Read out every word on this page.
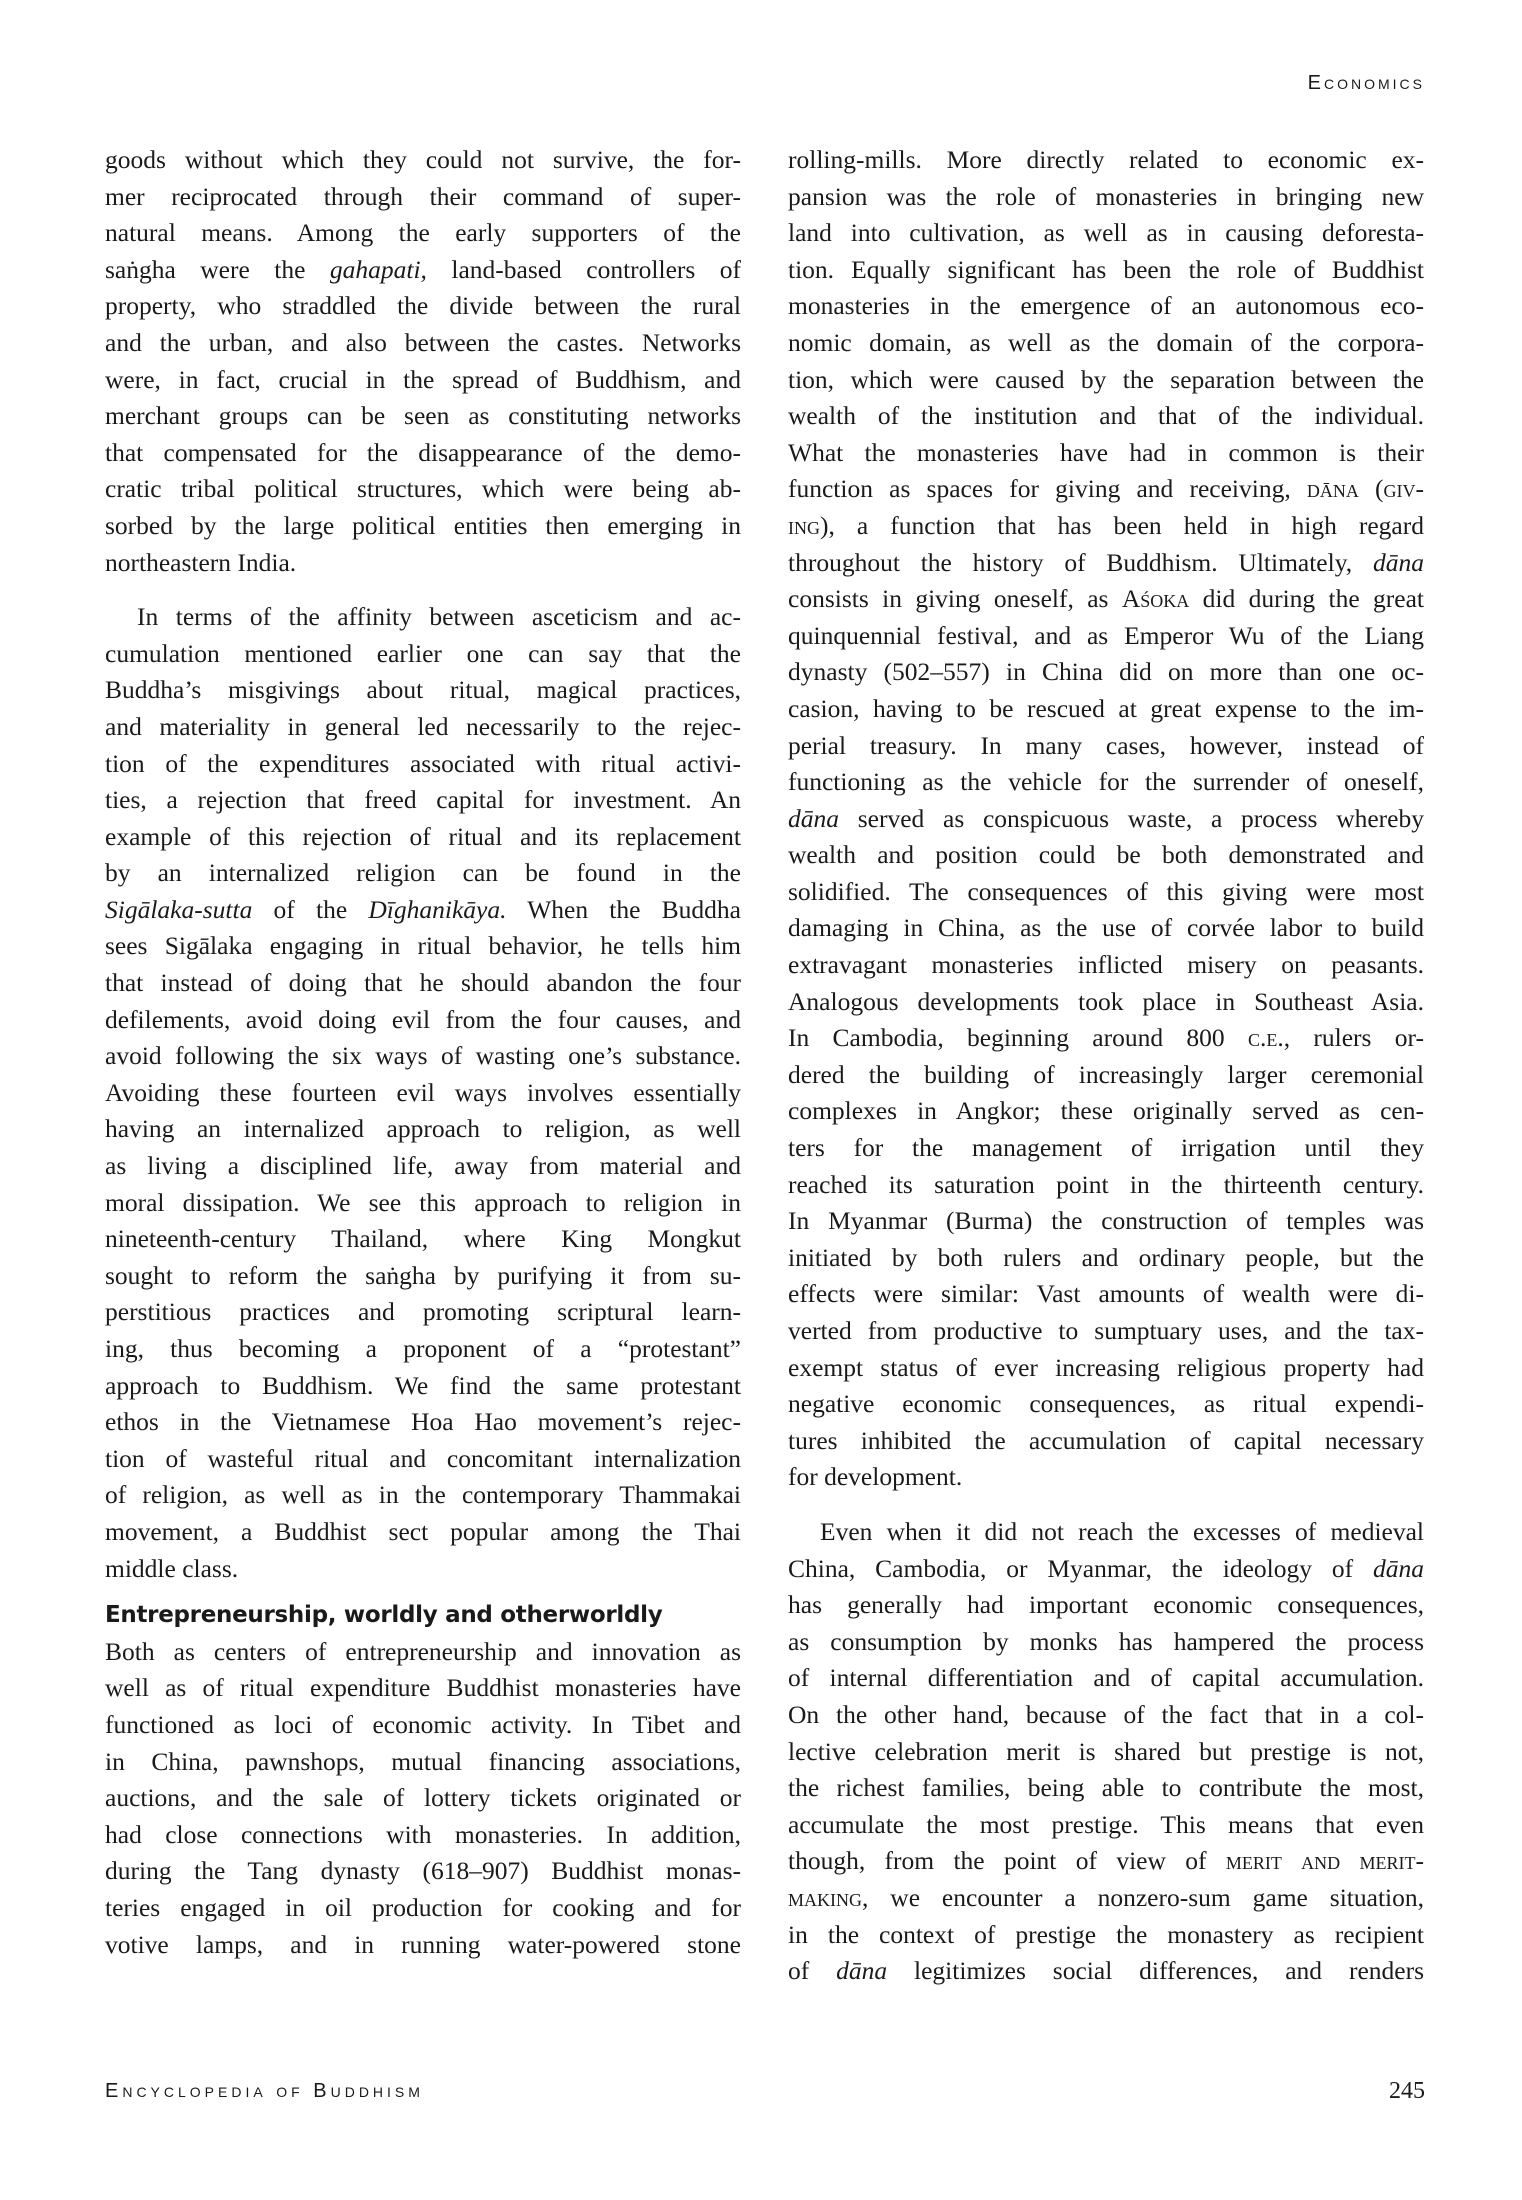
Economics
goods without which they could not survive, the for-
mer reciprocated through their command of super-
natural means. Among the early supporters of the
saṅgha were the gahapati, land-based controllers of
property, who straddled the divide between the rural
and the urban, and also between the castes. Networks
were, in fact, crucial in the spread of Buddhism, and
merchant groups can be seen as constituting networks
that compensated for the disappearance of the demo-
cratic tribal political structures, which were being ab-
sorbed by the large political entities then emerging in
northeastern India.
In terms of the affinity between asceticism and ac-
cumulation mentioned earlier one can say that the
Buddha’s misgivings about ritual, magical practices,
and materiality in general led necessarily to the rejec-
tion of the expenditures associated with ritual activi-
ties, a rejection that freed capital for investment. An
example of this rejection of ritual and its replacement
by an internalized religion can be found in the
Sigālaka-sutta of the Dīghanikāya. When the Buddha
sees Sigālaka engaging in ritual behavior, he tells him
that instead of doing that he should abandon the four
defilements, avoid doing evil from the four causes, and
avoid following the six ways of wasting one’s substance.
Avoiding these fourteen evil ways involves essentially
having an internalized approach to religion, as well
as living a disciplined life, away from material and
moral dissipation. We see this approach to religion in
nineteenth-century Thailand, where King Mongkut
sought to reform the saṅgha by purifying it from su-
perstitious practices and promoting scriptural learn-
ing, thus becoming a proponent of a “protestant”
approach to Buddhism. We find the same protestant
ethos in the Vietnamese Hoa Hao movement’s rejec-
tion of wasteful ritual and concomitant internalization
of religion, as well as in the contemporary Thammakai
movement, a Buddhist sect popular among the Thai
middle class.
Entrepreneurship, worldly and otherworldly
Both as centers of entrepreneurship and innovation as
well as of ritual expenditure Buddhist monasteries have
functioned as loci of economic activity. In Tibet and
in China, pawnshops, mutual financing associations,
auctions, and the sale of lottery tickets originated or
had close connections with monasteries. In addition,
during the Tang dynasty (618–907) Buddhist monas-
teries engaged in oil production for cooking and for
votive lamps, and in running water-powered stone
rolling-mills. More directly related to economic ex-
pansion was the role of monasteries in bringing new
land into cultivation, as well as in causing deforesta-
tion. Equally significant has been the role of Buddhist
monasteries in the emergence of an autonomous eco-
nomic domain, as well as the domain of the corpora-
tion, which were caused by the separation between the
wealth of the institution and that of the individual.
What the monasteries have had in common is their
function as spaces for giving and receiving, dāna (giv-
ing), a function that has been held in high regard
throughout the history of Buddhism. Ultimately, dāna
consists in giving oneself, as Aśoka did during the great
quinquennial festival, and as Emperor Wu of the Liang
dynasty (502–557) in China did on more than one oc-
casion, having to be rescued at great expense to the im-
perial treasury. In many cases, however, instead of
functioning as the vehicle for the surrender of oneself,
dāna served as conspicuous waste, a process whereby
wealth and position could be both demonstrated and
solidified. The consequences of this giving were most
damaging in China, as the use of corvée labor to build
extravagant monasteries inflicted misery on peasants.
Analogous developments took place in Southeast Asia.
In Cambodia, beginning around 800 c.e., rulers or-
dered the building of increasingly larger ceremonial
complexes in Angkor; these originally served as cen-
ters for the management of irrigation until they
reached its saturation point in the thirteenth century.
In Myanmar (Burma) the construction of temples was
initiated by both rulers and ordinary people, but the
effects were similar: Vast amounts of wealth were di-
verted from productive to sumptuary uses, and the tax-
exempt status of ever increasing religious property had
negative economic consequences, as ritual expendi-
tures inhibited the accumulation of capital necessary
for development.
Even when it did not reach the excesses of medieval
China, Cambodia, or Myanmar, the ideology of dāna
has generally had important economic consequences,
as consumption by monks has hampered the process
of internal differentiation and of capital accumulation.
On the other hand, because of the fact that in a col-
lective celebration merit is shared but prestige is not,
the richest families, being able to contribute the most,
accumulate the most prestige. This means that even
though, from the point of view of merit and merit-
making, we encounter a nonzero-sum game situation,
in the context of prestige the monastery as recipient
of dāna legitimizes social differences, and renders
Encyclopedia of Buddhism	245
